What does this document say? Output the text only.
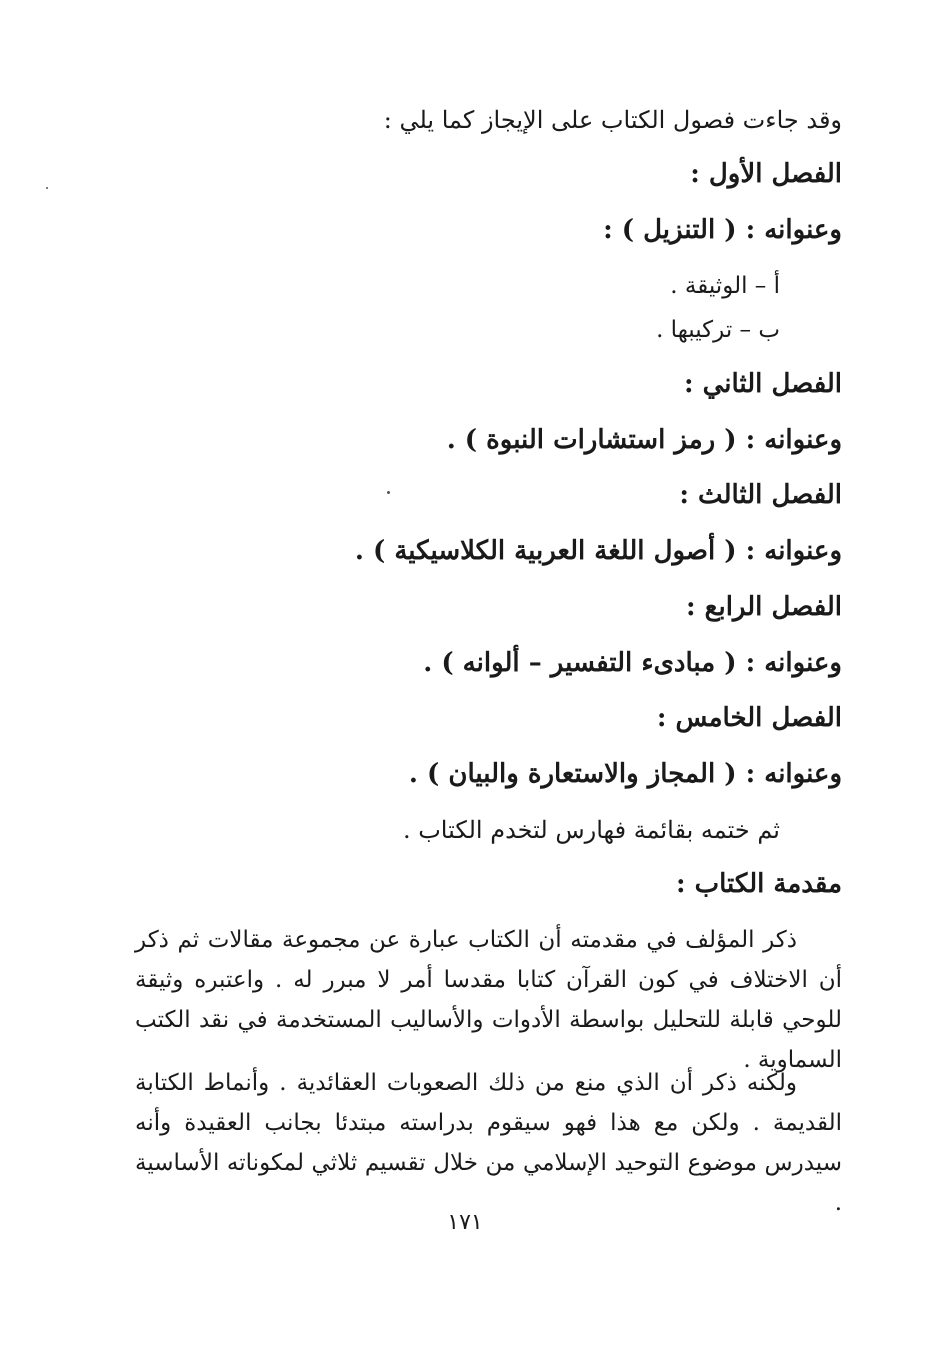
وقد جاءت فصول الكتاب على الإيجاز كما يلي :
الفصل الأول :
وعنوانه : ( التنزيل ) :
أ – الوثيقة .
ب – تركيبها .
الفصل الثاني :
وعنوانه : ( رمز استشارات النبوة ) .
الفصل الثالث :
وعنوانه : ( أصول اللغة العربية الكلاسيكية ) .
الفصل الرابع :
وعنوانه : ( مبادىء التفسير – ألوانه ) .
الفصل الخامس :
وعنوانه : ( المجاز والاستعارة والبيان ) .
ثم ختمه بقائمة فهارس لتخدم الكتاب .
مقدمة الكتاب :
ذكر المؤلف في مقدمته أن الكتاب عبارة عن مجموعة مقالات ثم ذكر أن الاختلاف في كون القرآن كتابا مقدسا أمر لا مبرر له . واعتبره وثيقة للوحي قابلة للتحليل بواسطة الأدوات والأساليب المستخدمة في نقد الكتب السماوية .
ولكنه ذكر أن الذي منع من ذلك الصعوبات العقائدية . وأنماط الكتابة القديمة . ولكن مع هذا فهو سيقوم بدراسته مبتدئا بجانب العقيدة وأنه سيدرس موضوع التوحيد الإسلامي من خلال تقسيم ثلاثي لمكوناته الأساسية .
١٧١
